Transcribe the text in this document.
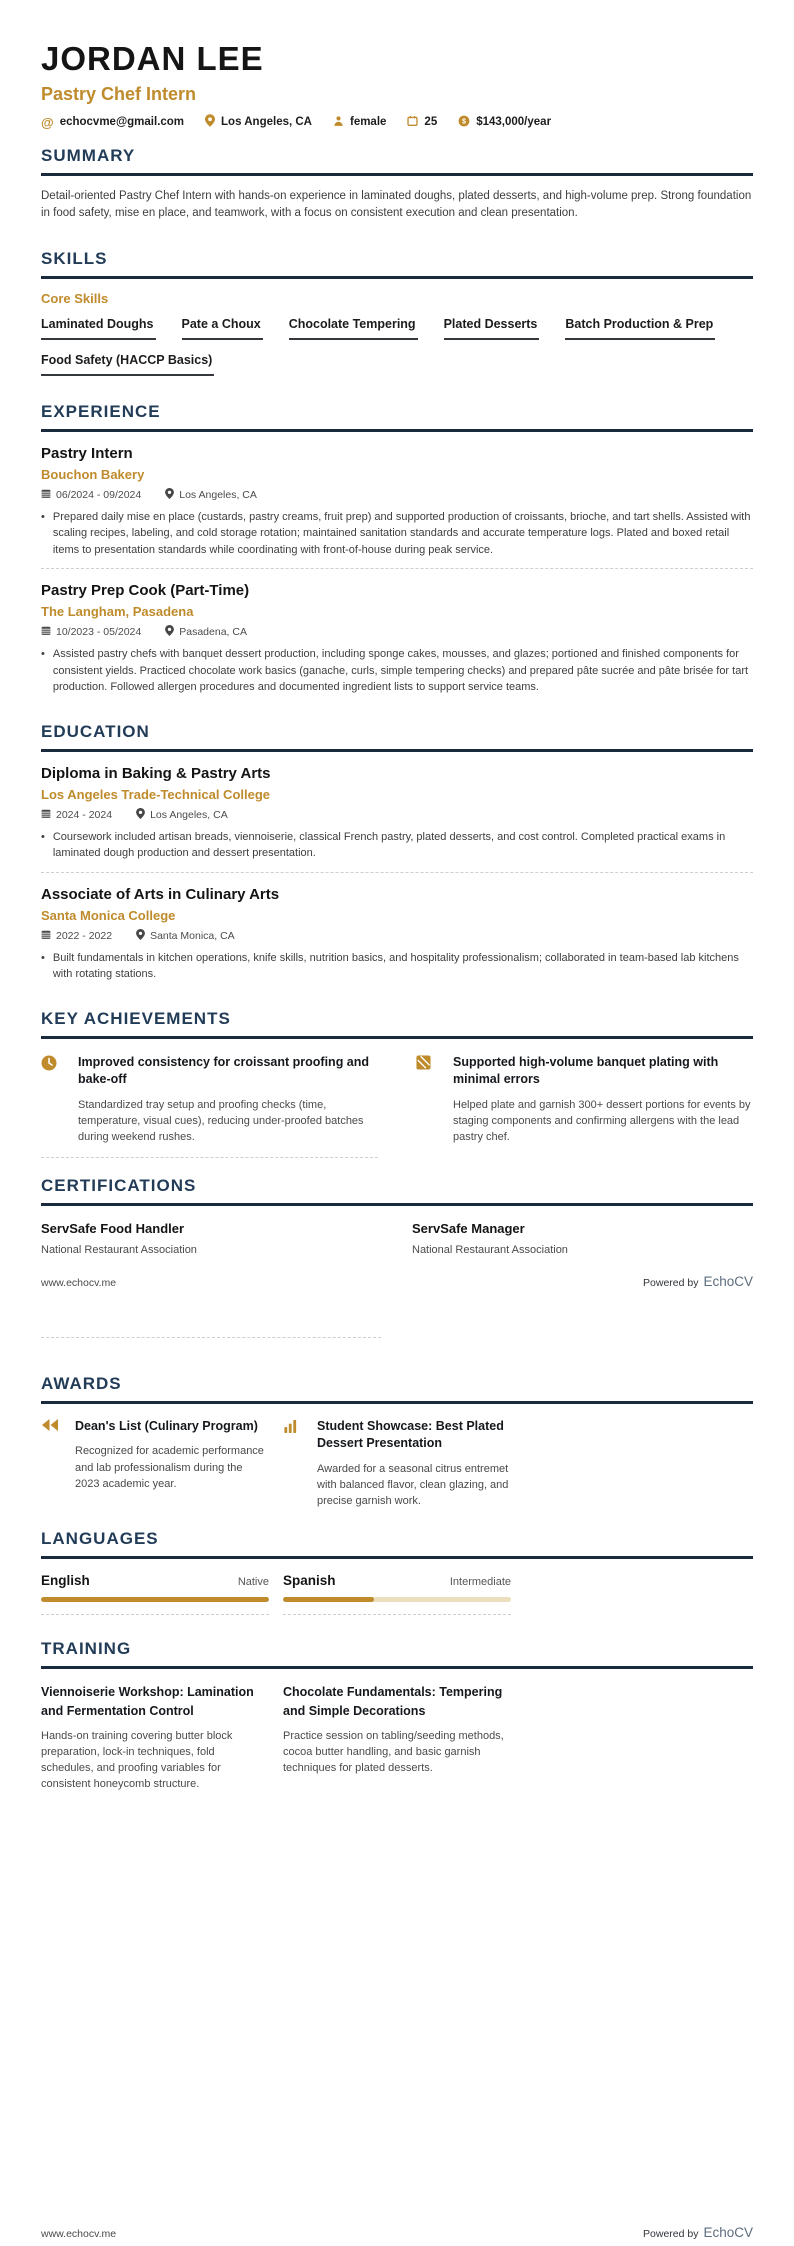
JORDAN LEE
Pastry Chef Intern
@ echocvme@gmail.com	Los Angeles, CA	female	25	$ $143,000/year
SUMMARY
Detail-oriented Pastry Chef Intern with hands-on experience in laminated doughs, plated desserts, and high-volume prep. Strong foundation in food safety, mise en place, and teamwork, with a focus on consistent execution and clean presentation.
SKILLS
Core Skills
Laminated Doughs Pate a Choux Chocolate Tempering Plated Desserts Batch Production & Prep
Food Safety (HACCP Basics)
EXPERIENCE
Pastry Intern
Bouchon Bakery
06/2024 - 09/2024	Los Angeles, CA
• Prepared daily mise en place (custards, pastry creams, fruit prep) and supported production of croissants, brioche, and tart shells. Assisted with scaling recipes, labeling, and cold storage rotation; maintained sanitation standards and accurate temperature logs. Plated and boxed retail items to presentation standards while coordinating with front-of-house during peak service.
Pastry Prep Cook (Part-Time)
The Langham, Pasadena
10/2023 - 05/2024	Pasadena, CA
• Assisted pastry chefs with banquet dessert production, including sponge cakes, mousses, and glazes; portioned and finished components for consistent yields. Practiced chocolate work basics (ganache, curls, simple tempering checks) and prepared pâte sucrée and pâte brisée for tart production. Followed allergen procedures and documented ingredient lists to support service teams.
EDUCATION
Diploma in Baking & Pastry Arts
Los Angeles Trade-Technical College
2024 - 2024	Los Angeles, CA
• Coursework included artisan breads, viennoiserie, classical French pastry, plated desserts, and cost control. Completed practical exams in laminated dough production and dessert presentation.
Associate of Arts in Culinary Arts
Santa Monica College
2022 - 2022	Santa Monica, CA
• Built fundamentals in kitchen operations, knife skills, nutrition basics, and hospitality professionalism; collaborated in team-based lab kitchens with rotating stations.
KEY ACHIEVEMENTS
Improved consistency for croissant proofing and bake-off
Standardized tray setup and proofing checks (time, temperature, visual cues), reducing under-proofed batches during weekend rushes.
Supported high-volume banquet plating with minimal errors
Helped plate and garnish 300+ dessert portions for events by staging components and confirming allergens with the lead pastry chef.
CERTIFICATIONS
ServSafe Food Handler
National Restaurant Association
ServSafe Manager
National Restaurant Association
www.echocv.me	Powered by EchoCV
AWARDS
Dean's List (Culinary Program)
Recognized for academic performance and lab professionalism during the 2023 academic year.
Student Showcase: Best Plated Dessert Presentation
Awarded for a seasonal citrus entremet with balanced flavor, clean glazing, and precise garnish work.
LANGUAGES
English	Native Spanish	Intermediate
TRAINING
Viennoiserie Workshop: Lamination and Fermentation Control
Hands-on training covering butter block preparation, lock-in techniques, fold schedules, and proofing variables for consistent honeycomb structure.
Chocolate Fundamentals: Tempering and Simple Decorations
Practice session on tabling/seeding methods, cocoa butter handling, and basic garnish techniques for plated desserts.
www.echocv.me	Powered by EchoCV
